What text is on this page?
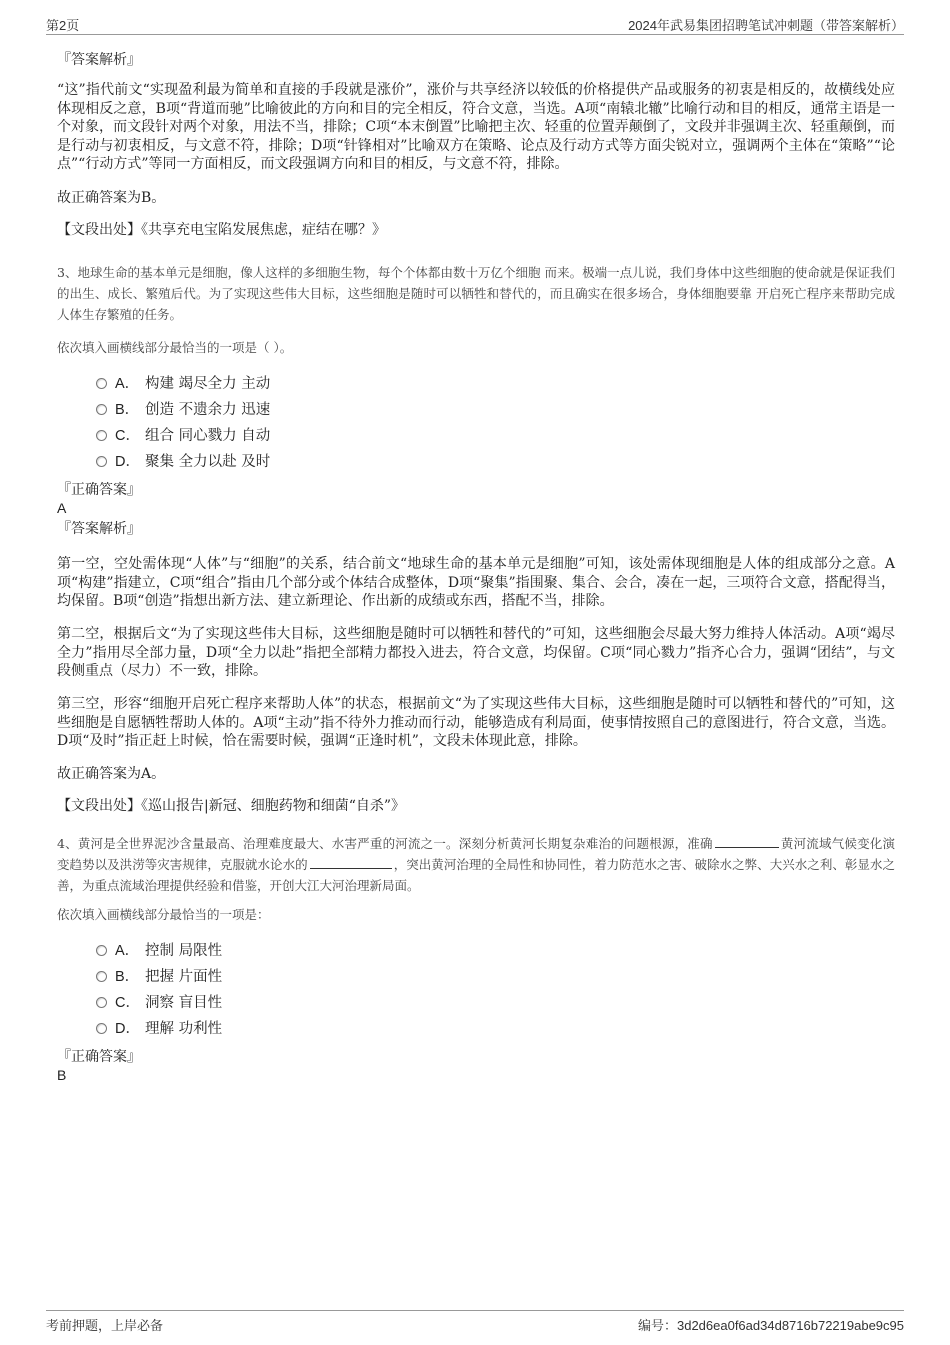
第2页	2024年武易集团招聘笔试冲刺题（带答案解析）
『答案解析』
“这”指代前文“实现盈利最为简单和直接的手段就是涨价”，涨价与共享经济以较低的价格提供产品或服务的初衷是相反的，故横线处应体现相反之意，B项“背道而驰”比喻彼此的方向和目的完全相反，符合文意，当选。A项“南辕北辙”比喻行动和目的相反，通常主语是一个对象，而文段针对两个对象，用法不当，排除；C项“本末倒置”比喻把主次、轻重的位置弄颠倒了，文段并非强调主次、轻重颠倒，而是行动与初衷相反，与文意不符，排除；D项“针锋相对”比喻双方在策略、论点及行动方式等方面尖锐对立，强调两个主体在“策略”“论点”“行动方式”等同一方面相反，而文段强调方向和目的相反，与文意不符，排除。
故正确答案为B。
【文段出处】《共享充电宝陷发展焦虑，症结在哪？》
3、地球生命的基本单元是细胞，像人这样的多细胞生物，每个个体都由数十万亿个细胞 而来。极端一点儿说，我们身体中这些细胞的使命就是保证我们的出生、成长、繁殖后代。为了实现这些伟大目标，这些细胞是随时可以牺牲和替代的，而且确实在很多场合，身体细胞要靠 开启死亡程序来帮助完成人体生存繁殖的任务。
依次填入画横线部分最恰当的一项是（ ）。
A． 构建 竭尽全力 主动
B． 创造 不遗余力 迅速
C． 组合 同心戮力 自动
D． 聚集 全力以赴 及时
『正确答案』
A
『答案解析』
第一空，空处需体现“人体”与“细胞”的关系，结合前文“地球生命的基本单元是细胞”可知，该处需体现细胞是人体的组成部分之意。A项“构建”指建立，C项“组合”指由几个部分或个体结合成整体，D项“聚集”指围聚、集合、会合，凑在一起，三项符合文意，搭配得当，均保留。B项“创造”指想出新方法、建立新理论、作出新的成绩或东西，搭配不当，排除。
第二空，根据后文“为了实现这些伟大目标，这些细胞是随时可以牺牲和替代的”可知，这些细胞会尽最大努力维持人体活动。A项“竭尽全力”指用尽全部力量，D项“全力以赴”指把全部精力都投入进去，符合文意，均保留。C项“同心戮力”指齐心合力，强调“团结”，与文段侧重点（尽力）不一致，排除。
第三空，形容“细胞开启死亡程序来帮助人体”的状态，根据前文“为了实现这些伟大目标，这些细胞是随时可以牺牲和替代的”可知，这些细胞是自愿牺牲帮助人体的。A项“主动”指不待外力推动而行动，能够造成有利局面，使事情按照自己的意图进行，符合文意，当选。D项“及时”指正赶上时候，恰在需要时候，强调“正逢时机”，文段未体现此意，排除。
故正确答案为A。
【文段出处】《巡山报告|新冠、细胞药物和细菌“自杀”》
4、黄河是全世界泥沙含量最高、治理难度最大、水害严重的河流之一。深刻分析黄河长期复杂难治的问题根源，准确	黄河流域气候变化演变趋势以及洪涝等灾害规律，克服就水论水的	，突出黄河治理的全局性和协同性，着力防范水之害、破除水之弊、大兴水之利、彰显水之善，为重点流域治理提供经验和借鉴，开创大江大河治理新局面。
依次填入画横线部分最恰当的一项是：
A． 控制 局限性
B． 把握 片面性
C． 洞察 盲目性
D． 理解 功利性
『正确答案』
B
考前押题，上岸必备	编号：3d2d6ea0f6ad34d8716b72219abe9c95
